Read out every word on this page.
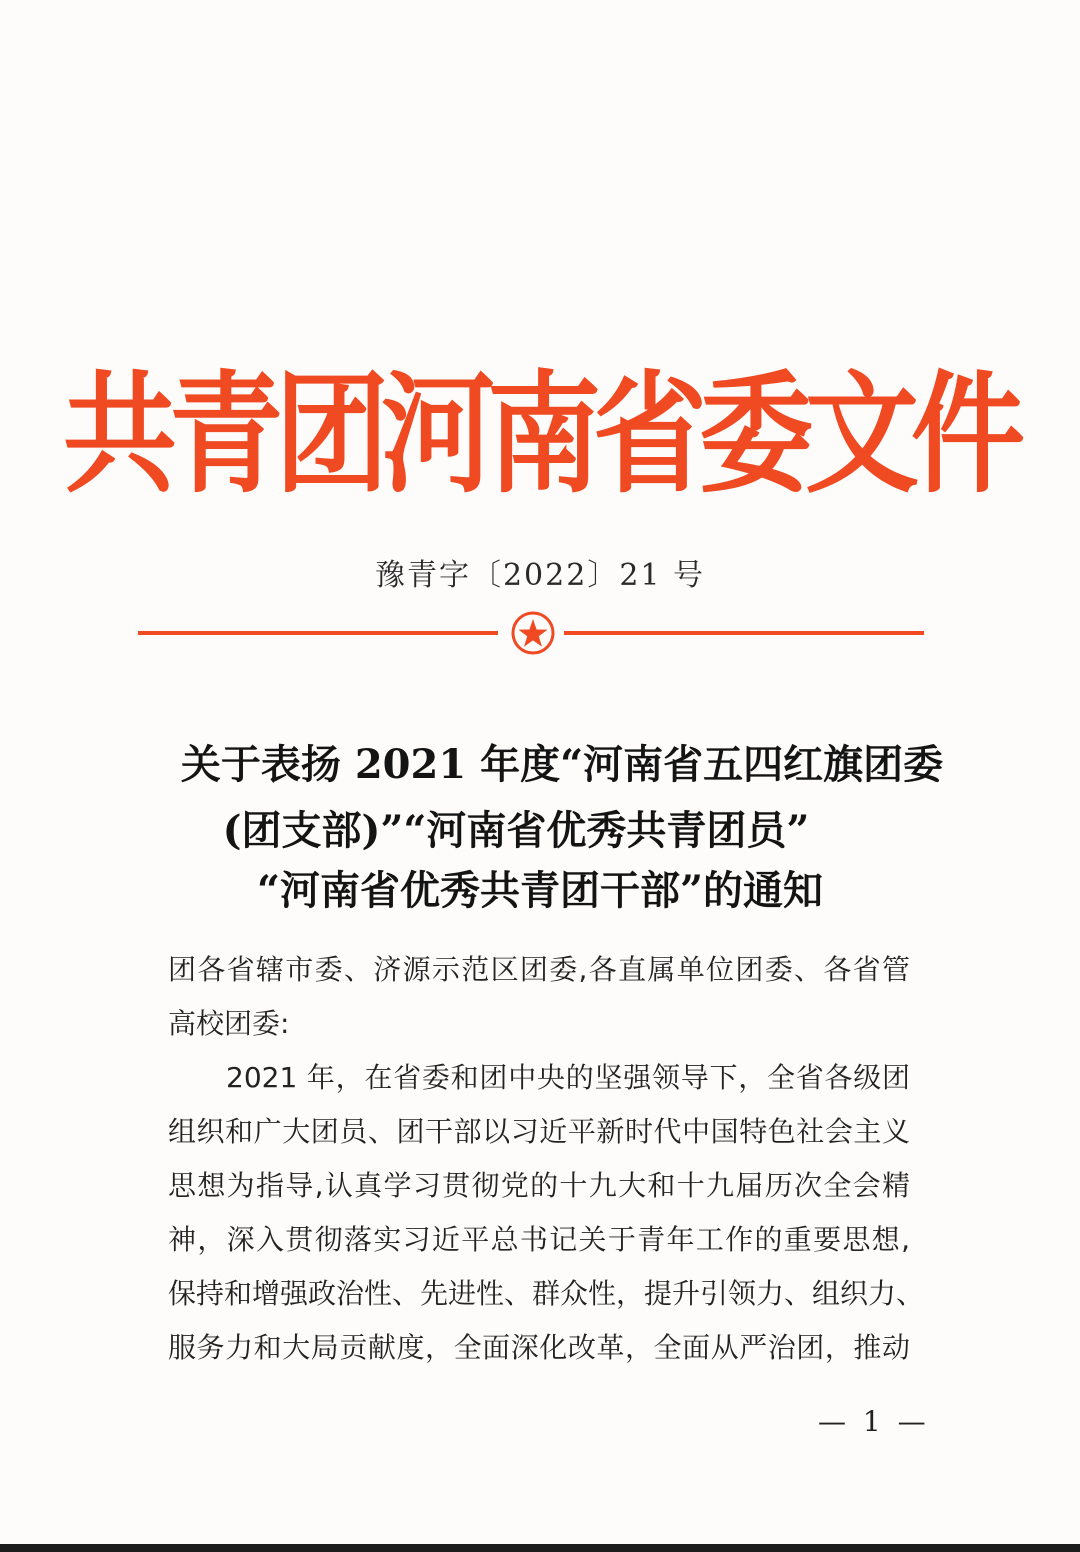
共青团河南省委文件
豫青字〔2022〕21 号
关于表扬 2021 年度“河南省五四红旗团委
(团支部)”“河南省优秀共青团员”
“河南省优秀共青团干部”的通知
团各省辖市委、济源示范区团委,各直属单位团委、各省管
高校团委:
2021 年，在省委和团中央的坚强领导下，全省各级团
组织和广大团员、团干部以习近平新时代中国特色社会主义
思想为指导,认真学习贯彻党的十九大和十九届历次全会精
神，深入贯彻落实习近平总书记关于青年工作的重要思想,
保持和增强政治性、先进性、群众性，提升引领力、组织力、
服务力和大局贡献度，全面深化改革，全面从严治团，推动
— 1 —
